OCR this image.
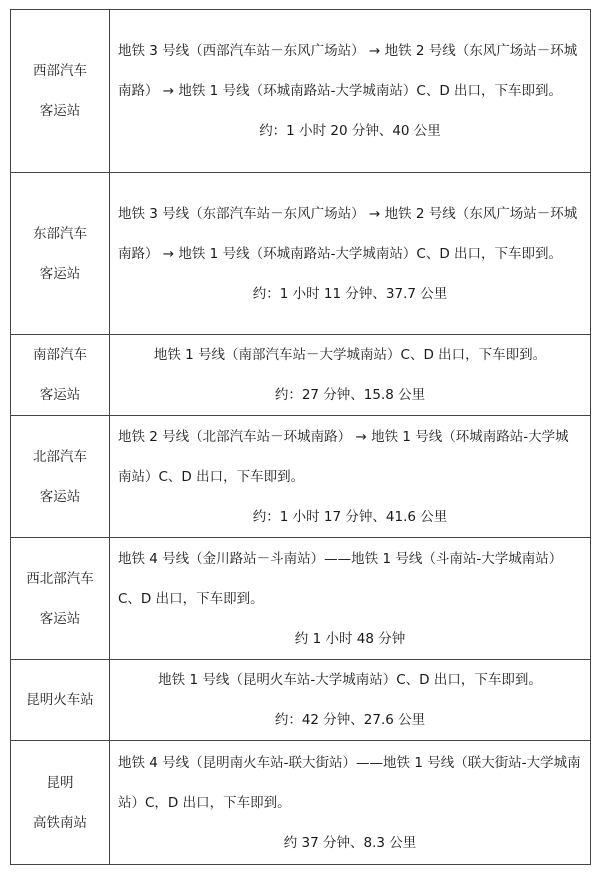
西部汽车
客运站	地铁 3 号线（西部汽车站－东风广场站） → 地铁 2 号线（东风广场站－环城南路） → 地铁 1 号线（环城南路站-大学城南站）C、D 出口，下车即到。
约：1 小时 20 分钟、40 公里

东部汽车
客运站	地铁 3 号线（东部汽车站－东风广场站） → 地铁 2 号线（东风广场站－环城南路） → 地铁 1 号线（环城南路站-大学城南站）C、D 出口，下车即到。
约：1 小时 11 分钟、37.7 公里

南部汽车
客运站	地铁 1 号线（南部汽车站－大学城南站）C、D 出口，下车即到。
约：27 分钟、15.8 公里

北部汽车
客运站	地铁 2 号线（北部汽车站－环城南路） → 地铁 1 号线（环城南路站-大学城南站）C、D 出口，下车即到。
约：1 小时 17 分钟、41.6 公里

西北部汽车
客运站	地铁 4 号线（金川路站－斗南站）——地铁 1 号线（斗南站-大学城南站）C、D 出口，下车即到。
约 1 小时 48 分钟

昆明火车站	地铁 1 号线（昆明火车站-大学城南站）C、D 出口，下车即到。
约：42 分钟、27.6 公里

昆明
高铁南站	地铁 4 号线（昆明南火车站-联大街站）——地铁 1 号线（联大街站-大学城南站）C，D 出口，下车即到。
约 37 分钟、8.3 公里
